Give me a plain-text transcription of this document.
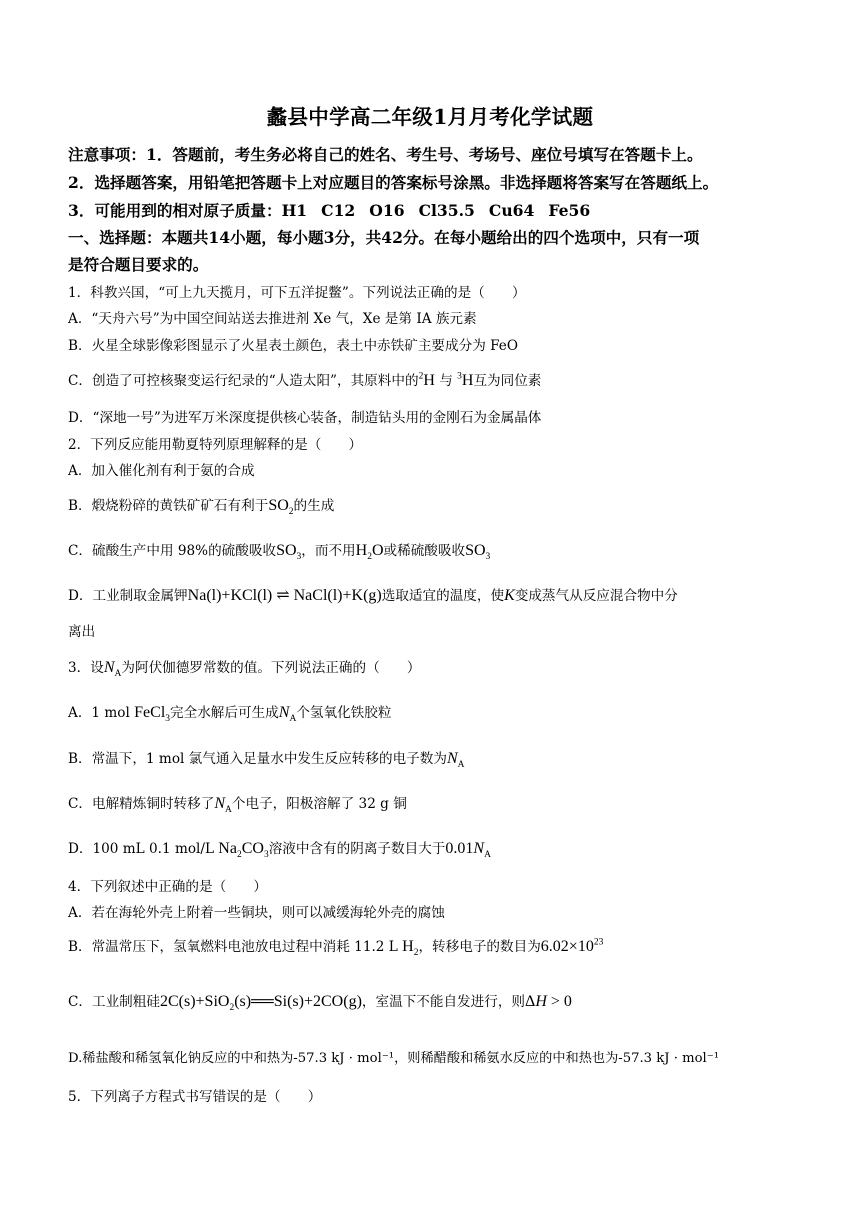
蠡县中学高二年级1月月考化学试题
注意事项：1．答题前，考生务必将自己的姓名、考生号、考场号、座位号填写在答题卡上。
2．选择题答案，用铅笔把答题卡上对应题目的答案标号涂黑。非选择题将答案写在答题纸上。
3．可能用到的相对原子质量：H1 C12 O16 Cl35.5 Cu64 Fe56
一、选择题：本题共14小题，每小题3分，共42分。在每小题给出的四个选项中，只有一项
是符合题目要求的。
1．科教兴国，“可上九天揽月，可下五洋捉鳖”。下列说法正确的是（　　）
A．“天舟六号”为中国空间站送去推进剂 Xe 气，Xe 是第 IA 族元素
B．火星全球影像彩图显示了火星表土颜色，表土中赤铁矿主要成分为 FeO
C．创造了可控核聚变运行纪录的“人造太阳”，其原料中的$^2$H 与 $^3$H互为同位素
D．“深地一号”为进军万米深度提供核心装备，制造钻头用的金刚石为金属晶体
2．下列反应能用勒夏特列原理解释的是（　　）
A．加入催化剂有利于氨的合成
B．煅烧粉碎的黄铁矿矿石有利于$SO_2$的生成
C．硫酸生产中用 98%的硫酸吸收$SO_3$，而不用$H_2O$或稀硫酸吸收$SO_3$
D．工业制取金属钾Na(l)+KCl(l) ⇌ NaCl(l)+K(g)选取适宜的温度，使K变成蒸气从反应混合物中分
离出
3．设$N_A$为阿伏伽德罗常数的值。下列说法正确的（　　）
A．1 mol FeCl$_3$完全水解后可生成$N_A$个氢氧化铁胶粒
B．常温下，1 mol 氯气通入足量水中发生反应转移的电子数为$N_A$
C．电解精炼铜时转移了$N_A$个电子，阳极溶解了 32 g 铜
D．100 mL 0.1 mol/L $Na_2CO_3$溶液中含有的阴离子数目大于$0.01N_A$
4．下列叙述中正确的是（　　）
A．若在海轮外壳上附着一些铜块，则可以减缓海轮外壳的腐蚀
B．常温常压下，氢氧燃料电池放电过程中消耗 11.2 L $H_2$，转移电子的数目为$6.02\times 10^{23}$
C．工业制粗硅2C(s)+SiO$_2$(s)══Si(s)+2CO(g)，室温下不能自发进行，则ΔH > 0
D.稀盐酸和稀氢氧化钠反应的中和热为-57.3 kJ · mol⁻¹，则稀醋酸和稀氨水反应的中和热也为-57.3 kJ · mol⁻¹
5．下列离子方程式书写错误的是（　　）
